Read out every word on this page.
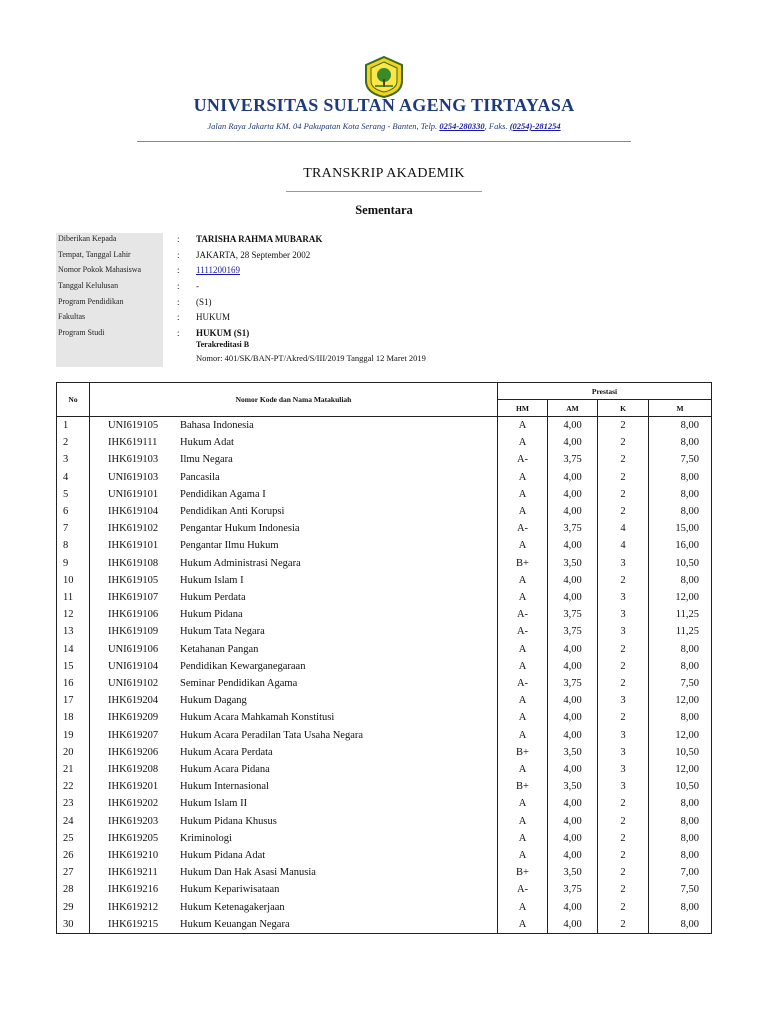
UNIVERSITAS SULTAN AGENG TIRTAYASA
Jalan Raya Jakarta KM. 04 Pakupatan Kota Serang - Banten, Telp. 0254-280330, Faks. (0254)-281254
TRANSKRIP AKADEMIK
Sementara
Diberikan Kepada	: TARISHA RAHMA MUBARAK
Tempat, Tanggal Lahir	: JAKARTA, 28 September 2002
Nomor Pokok Mahasiswa	: 1111200169
Tanggal Kelulusan	: -
Program Pendidikan	: (S1)
Fakultas	: HUKUM
Program Studi	: HUKUM (S1)
Terakreditasi B
Nomor: 401/SK/BAN-PT/Akred/S/III/2019 Tanggal 12 Maret 2019
No	Nomor Kode dan Nama Matakuliah		Prestasi			
			HM	AM	K	M
1	UNI619105	Bahasa Indonesia	A	4,00	2	8,00
2	IHK619111	Hukum Adat	A	4,00	2	8,00
3	IHK619103	Ilmu Negara	A-	3,75	2	7,50
4	UNI619103	Pancasila	A	4,00	2	8,00
5	UNI619101	Pendidikan Agama I	A	4,00	2	8,00
6	IHK619104	Pendidikan Anti Korupsi	A	4,00	2	8,00
7	IHK619102	Pengantar Hukum Indonesia	A-	3,75	4	15,00
8	IHK619101	Pengantar Ilmu Hukum	A	4,00	4	16,00
9	IHK619108	Hukum Administrasi Negara	B+	3,50	3	10,50
10	IHK619105	Hukum Islam I	A	4,00	2	8,00
11	IHK619107	Hukum Perdata	A	4,00	3	12,00
12	IHK619106	Hukum Pidana	A-	3,75	3	11,25
13	IHK619109	Hukum Tata Negara	A-	3,75	3	11,25
14	UNI619106	Ketahanan Pangan	A	4,00	2	8,00
15	UNI619104	Pendidikan Kewarganegaraan	A	4,00	2	8,00
16	UNI619102	Seminar Pendidikan Agama	A-	3,75	2	7,50
17	IHK619204	Hukum Dagang	A	4,00	3	12,00
18	IHK619209	Hukum Acara Mahkamah Konstitusi	A	4,00	2	8,00
19	IHK619207	Hukum Acara Peradilan Tata Usaha Negara	A	4,00	3	12,00
20	IHK619206	Hukum Acara Perdata	B+	3,50	3	10,50
21	IHK619208	Hukum Acara Pidana	A	4,00	3	12,00
22	IHK619201	Hukum Internasional	B+	3,50	3	10,50
23	IHK619202	Hukum Islam II	A	4,00	2	8,00
24	IHK619203	Hukum Pidana Khusus	A	4,00	2	8,00
25	IHK619205	Kriminologi	A	4,00	2	8,00
26	IHK619210	Hukum Pidana Adat	A	4,00	2	8,00
27	IHK619211	Hukum Dan Hak Asasi Manusia	B+	3,50	2	7,00
28	IHK619216	Hukum Kepariwisataan	A-	3,75	2	7,50
29	IHK619212	Hukum Ketenagakerjaan	A	4,00	2	8,00
30	IHK619215	Hukum Keuangan Negara	A	4,00	2	8,00
